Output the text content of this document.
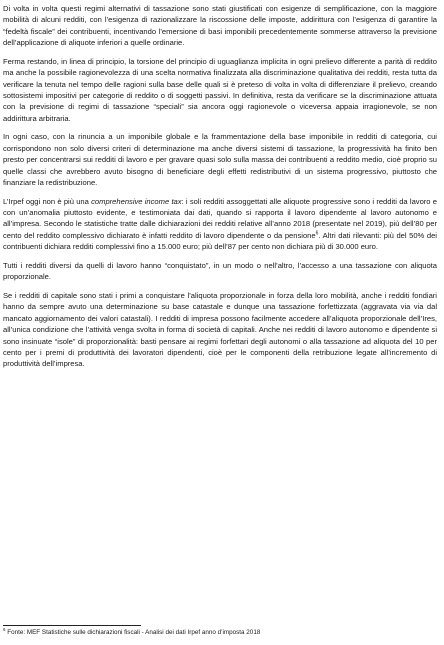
Di volta in volta questi regimi alternativi di tassazione sono stati giustificati con esigenze di semplificazione, con la maggiore mobilità di alcuni redditi, con l’esigenza di razionalizzare la riscossione delle imposte, addirittura con l’esigenza di garantire la “fedeltà fiscale” dei contribuenti, incentivando l’emersione di basi imponibili precedentemente sommerse attraverso la previsione dell’applicazione di aliquote inferiori a quelle ordinarie.

Ferma restando, in linea di principio, la torsione del principio di uguaglianza implicita in ogni prelievo differente a parità di reddito ma anche la possibile ragionevolezza di una scelta normativa finalizzata alla discriminazione qualitativa dei redditi, resta tutta da verificare la tenuta nel tempo delle ragioni sulla base delle quali si è preteso di volta in volta di differenziare il prelievo, creando sottosistemi impositivi per categorie di reddito o di soggetti passivi. In definitiva, resta da verificare se la discriminazione attuata con la previsione di regimi di tassazione “speciali” sia ancora oggi ragionevole o viceversa appaia irragionevole, se non addirittura arbitraria.

In ogni caso, con la rinuncia a un imponibile globale e la frammentazione della base imponibile in redditi di categoria, cui corrispondono non solo diversi criteri di determinazione ma anche diversi sistemi di tassazione, la progressività ha finito ben presto per concentrarsi sui redditi di lavoro e per gravare quasi solo sulla massa dei contribuenti a reddito medio, cioè proprio su quelle classi che avrebbero avuto bisogno di beneficiare degli effetti redistributivi di un sistema progressivo, piuttosto che finanziare la redistribuzione.

L’Irpef oggi non è più una comprehensive income tax: i soli redditi assoggettati alle aliquote progressive sono i redditi da lavoro e con un’anomalia piuttosto evidente, e testimoniata dai dati, quando si rapporta il lavoro dipendente al lavoro autonomo e all’impresa. Secondo le statistiche tratte dalle dichiarazioni dei redditi relative all’anno 2018 (presentate nel 2019), più dell’80 per cento del reddito complessivo dichiarato è infatti reddito di lavoro dipendente o da pensione$^6$. Altri dati rilevanti: più del 50% dei contribuenti dichiara redditi complessivi fino a 15.000 euro; più dell’87 per cento non dichiara più di 30.000 euro.

Tutti i redditi diversi da quelli di lavoro hanno “conquistato”, in un modo o nell’altro, l’accesso a una tassazione con aliquota proporzionale.

Se i redditi di capitale sono stati i primi a conquistare l’aliquota proporzionale in forza della loro mobilità, anche i redditi fondiari hanno da sempre avuto una determinazione su base catastale e dunque una tassazione forfettizzata (aggravata via via dal mancato aggiornamento dei valori catastali). I redditi di impresa possono facilmente accedere all’aliquota proporzionale dell’Ires, all’unica condizione che l’attività venga svolta in forma di società di capitali. Anche nei redditi di lavoro autonomo e dipendente si sono insinuate “isole” di proporzionalità: basti pensare ai regimi forfettari degli autonomi o alla tassazione ad aliquota del 10 per cento per i premi di produttività dei lavoratori dipendenti, cioè per le componenti della retribuzione legate all’incremento di produttività dell’impresa.

$^6$ Fonte: MEF Statistiche sulle dichiarazioni fiscali - Analisi dei dati Irpef anno d’imposta 2018
